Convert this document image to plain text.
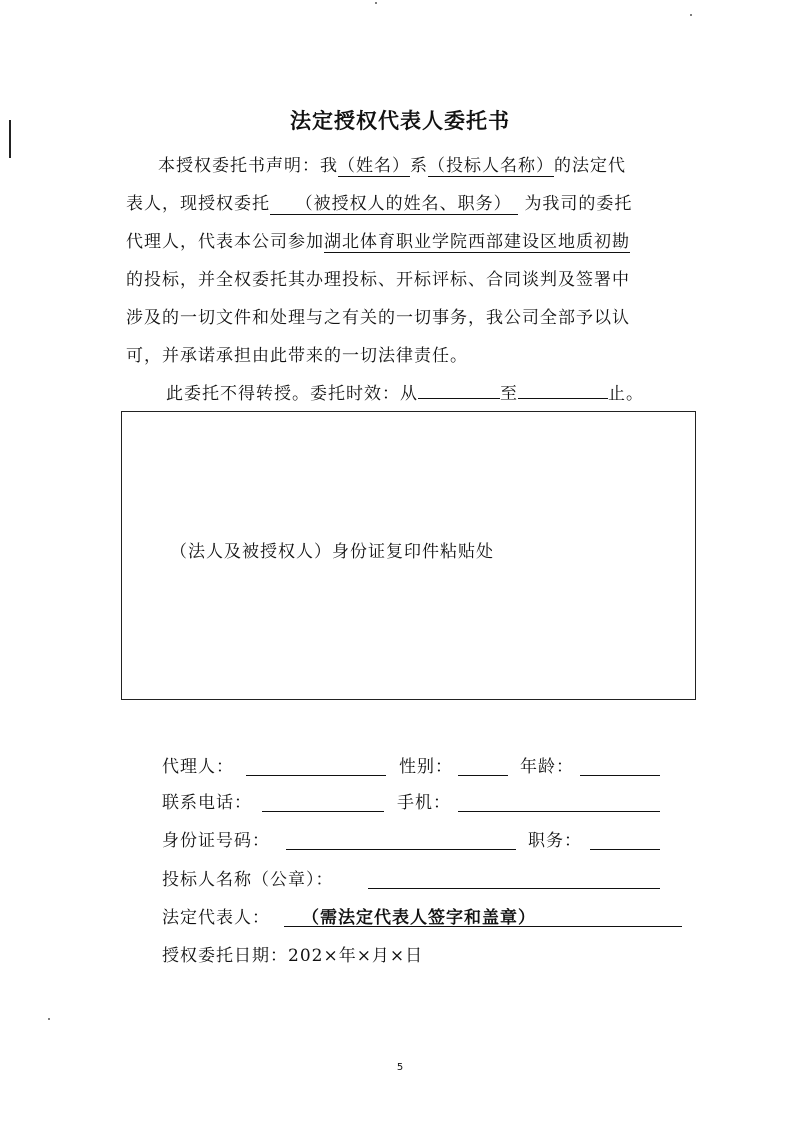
法定授权代表人委托书

本授权委托书声明：我（姓名）系（投标人名称）的法定代
表人，现授权委托 （被授权人的姓名、职务） 为我司的委托
代理人，代表本公司参加湖北体育职业学院西部建设区地质初勘
的投标，并全权委托其办理投标、开标评标、合同谈判及签署中
涉及的一切文件和处理与之有关的一切事务，我公司全部予以认
可，并承诺承担由此带来的一切法律责任。

此委托不得转授。委托时效：从	至	止。

（法人及被授权人）身份证复印件粘贴处
代理人：	性别：	年龄：
联系电话：	手机：
身份证号码：	职务：
投标人名称（公章）：
法定代表人： （需法定代表人签字和盖章）
授权委托日期：202×年×月×日
5
